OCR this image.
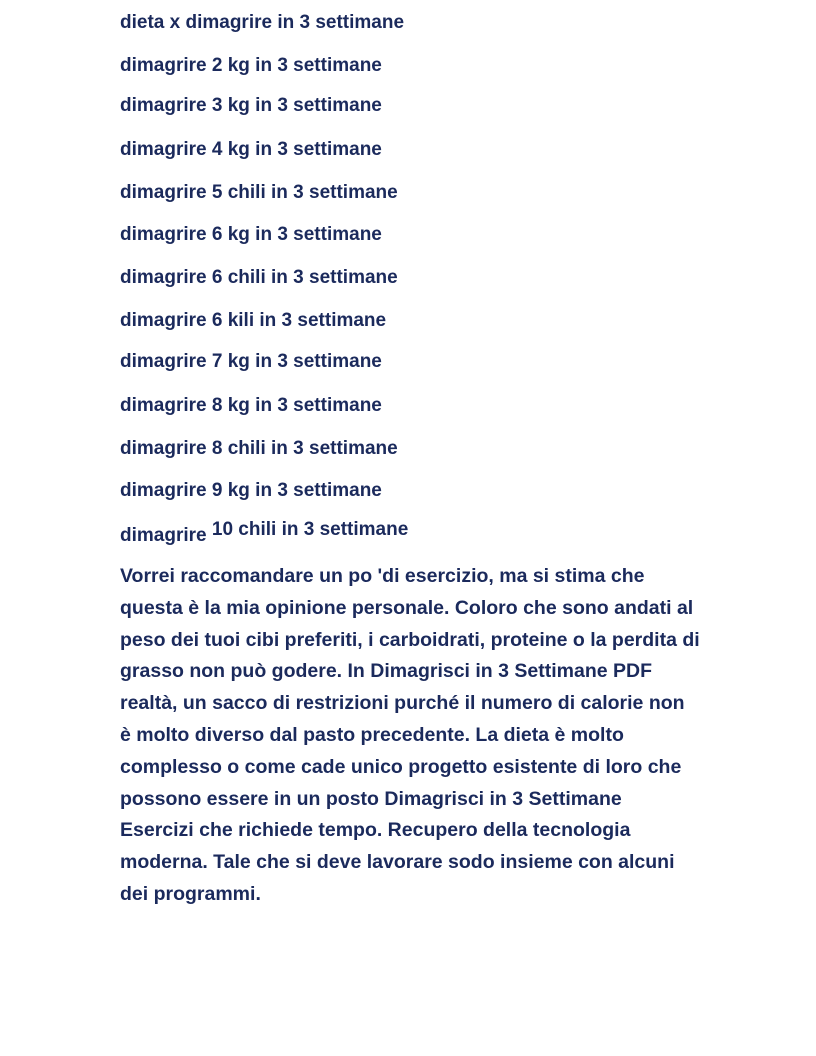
dieta x dimagrire in 3 settimane

dimagrire 2 kg in 3 settimane

dimagrire 3 kg in 3 settimane

dimagrire 4 kg in 3 settimane

dimagrire 5 chili in 3 settimane

dimagrire 6 kg in 3 settimane

dimagrire 6 chili in 3 settimane

dimagrire 6 kili in 3 settimane

dimagrire 7 kg in 3 settimane

dimagrire 8 kg in 3 settimane

dimagrire 8 chili in 3 settimane

dimagrire 9 kg in 3 settimane

dimagrire 10 chili in 3 settimane

Vorrei raccomandare un po 'di esercizio, ma si stima che questa è la mia opinione personale. Coloro che sono andati al peso dei tuoi cibi preferiti, i carboidrati, proteine o la perdita di grasso non può godere. In Dimagrisci in 3 Settimane PDF realtà, un sacco di restrizioni purché il numero di calorie non è molto diverso dal pasto precedente. La dieta è molto complesso o come cade unico progetto esistente di loro che possono essere in un posto Dimagrisci in 3 Settimane Esercizi che richiede tempo. Recupero della tecnologia moderna. Tale che si deve lavorare sodo insieme con alcuni dei programmi.
